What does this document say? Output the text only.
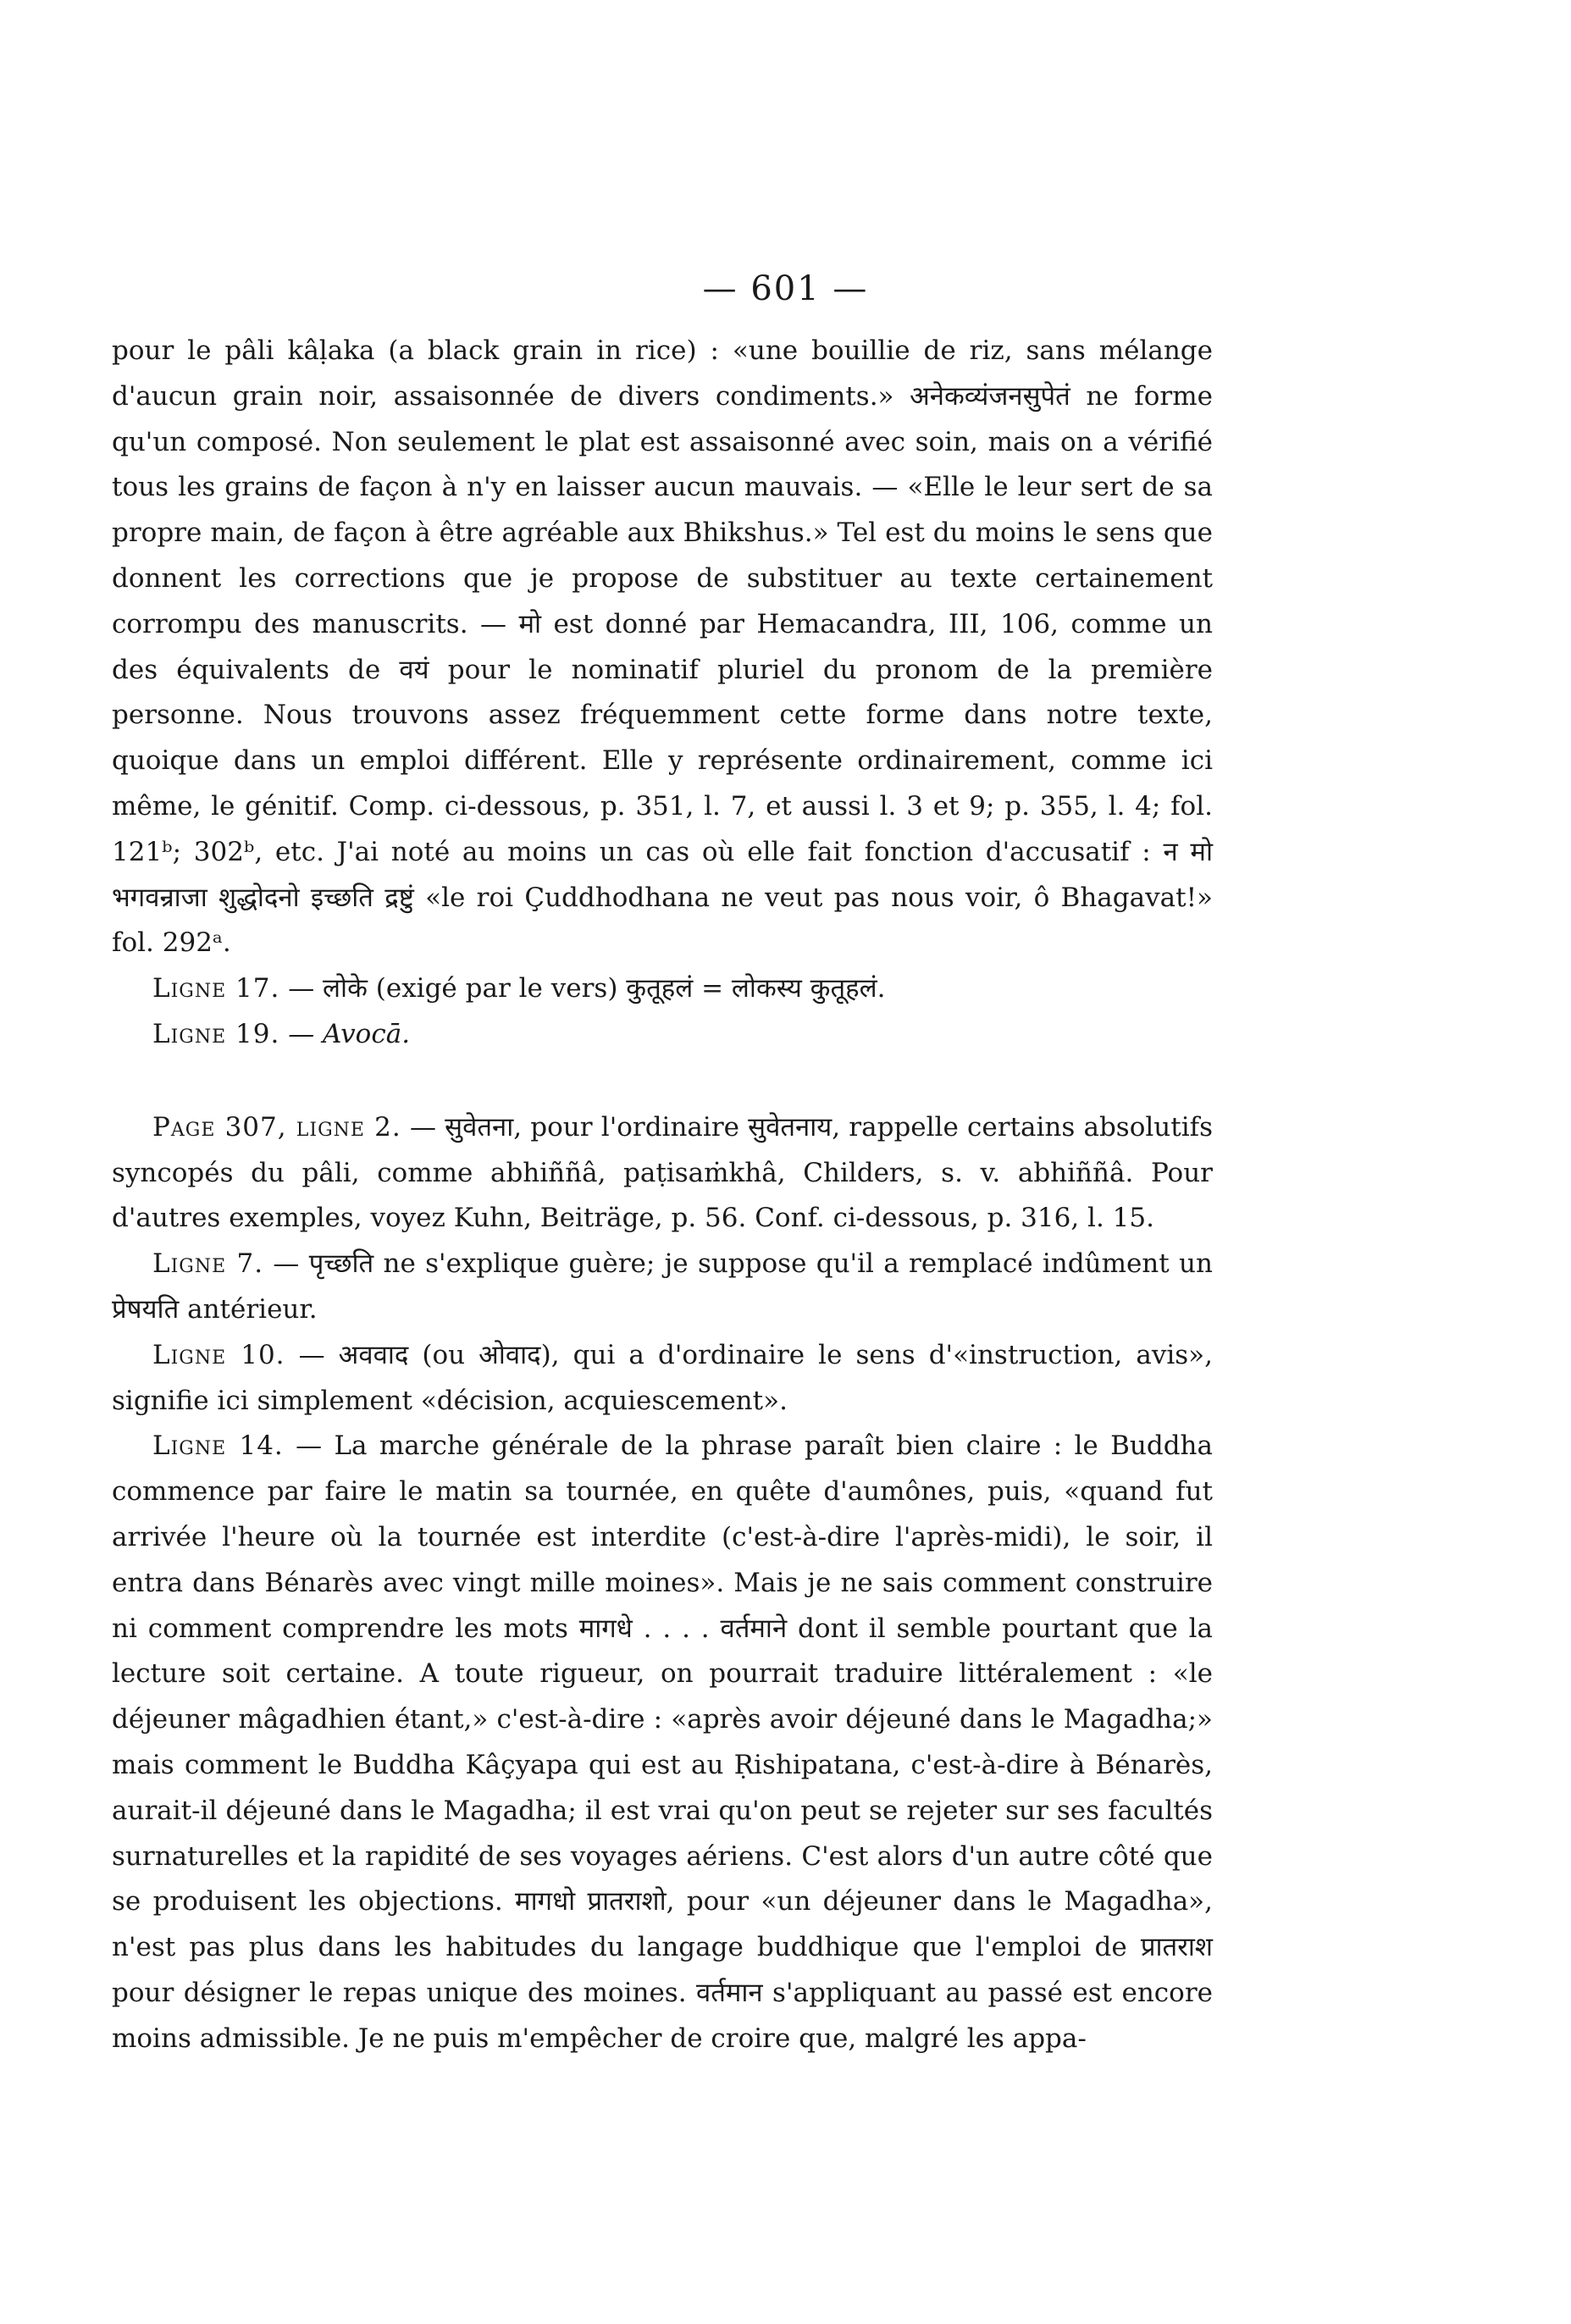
— 601 —

pour le pâli kâḷaka (a black grain in rice) : «une bouillie de riz, sans mélange d'aucun grain noir, assaisonnée de divers condiments.» अनेकव्यंजनसुपेतं ne forme qu'un composé. Non seulement le plat est assaisonné avec soin, mais on a vérifié tous les grains de façon à n'y en laisser aucun mauvais. — «Elle le leur sert de sa propre main, de façon à être agréable aux Bhikshus.» Tel est du moins le sens que donnent les corrections que je propose de substituer au texte certainement corrompu des manuscrits. — मो est donné par Hemacandra, III, 106, comme un des équivalents de वयं pour le nominatif pluriel du pronom de la première personne. Nous trouvons assez fréquemment cette forme dans notre texte, quoique dans un emploi différent. Elle y représente ordinairement, comme ici même, le génitif. Comp. ci-dessous, p. 351, l. 7, et aussi l. 3 et 9; p. 355, l. 4; fol. 121ᵇ; 302ᵇ, etc. J'ai noté au moins un cas où elle fait fonction d'accusatif : न मो भगवन्राजा शुद्धोदनो इच्छति द्रष्टुं «le roi Çuddhodhana ne veut pas nous voir, ô Bhagavat!» fol. 292ᵃ.

Ligne 17. — लोके (exigé par le vers) कुतूहलं = लोकस्य कुतूहलं.

Ligne 19. — Avocā.

Page 307, ligne 2. — सुवेतना, pour l'ordinaire सुवेतनाय, rappelle certains absolutifs syncopés du pâli, comme abhiññâ, paṭisaṁkhâ, Childers, s. v. abhiññâ. Pour d'autres exemples, voyez Kuhn, Beiträge, p. 56. Conf. ci-dessous, p. 316, l. 15.

Ligne 7. — पृच्छति ne s'explique guère; je suppose qu'il a remplacé indûment un प्रेषयति antérieur.

Ligne 10. — अववाद (ou ओवाद), qui a d'ordinaire le sens d'«instruction, avis», signifie ici simplement «décision, acquiescement».

Ligne 14. — La marche générale de la phrase paraît bien claire : le Buddha commence par faire le matin sa tournée, en quête d'aumônes, puis, «quand fut arrivée l'heure où la tournée est interdite (c'est-à-dire l'après-midi), le soir, il entra dans Bénarès avec vingt mille moines». Mais je ne sais comment construire ni comment comprendre les mots मागधे . . . . वर्तमाने dont il semble pourtant que la lecture soit certaine. A toute rigueur, on pourrait traduire littéralement : «le déjeuner mâgadhien étant,» c'est-à-dire : «après avoir déjeuné dans le Magadha;» mais comment le Buddha Kâçyapa qui est au Ṛishipatana, c'est-à-dire à Bénarès, aurait-il déjeuné dans le Magadha; il est vrai qu'on peut se rejeter sur ses facultés surnaturelles et la rapidité de ses voyages aériens. C'est alors d'un autre côté que se produisent les objections. मागधो प्रातराशो, pour «un déjeuner dans le Magadha», n'est pas plus dans les habitudes du langage buddhique que l'emploi de प्रातराश pour désigner le repas unique des moines. वर्तमान s'appliquant au passé est encore moins admissible. Je ne puis m'empêcher de croire que, malgré les appa-
